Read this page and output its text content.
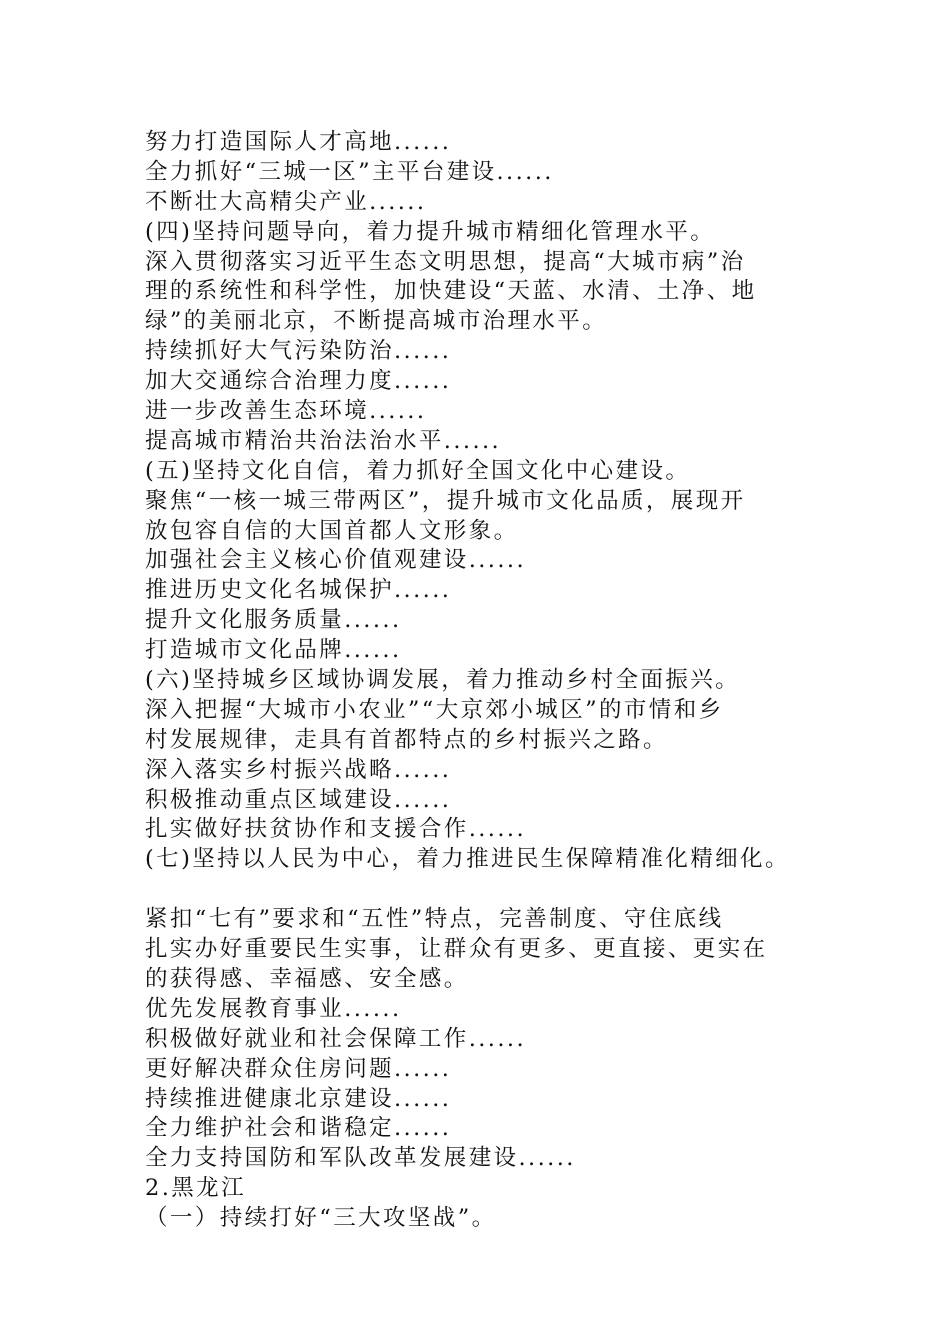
努力打造国际人才高地......
全力抓好“三城一区”主平台建设......
不断壮大高精尖产业......
(四)坚持问题导向，着力提升城市精细化管理水平。
深入贯彻落实习近平生态文明思想，提高“大城市病”治
理的系统性和科学性，加快建设“天蓝、水清、土净、地
绿”的美丽北京，不断提高城市治理水平。
持续抓好大气污染防治......
加大交通综合治理力度......
进一步改善生态环境......
提高城市精治共治法治水平......
(五)坚持文化自信，着力抓好全国文化中心建设。
聚焦“一核一城三带两区”，提升城市文化品质，展现开
放包容自信的大国首都人文形象。
加强社会主义核心价值观建设......
推进历史文化名城保护......
提升文化服务质量......
打造城市文化品牌......
(六)坚持城乡区域协调发展，着力推动乡村全面振兴。
深入把握“大城市小农业”“大京郊小城区”的市情和乡
村发展规律，走具有首都特点的乡村振兴之路。
深入落实乡村振兴战略......
积极推动重点区域建设......
扎实做好扶贫协作和支援合作......
(七)坚持以人民为中心，着力推进民生保障精准化精细化。
紧扣“七有”要求和“五性”特点，完善制度、守住底线
扎实办好重要民生实事，让群众有更多、更直接、更实在
的获得感、幸福感、安全感。
优先发展教育事业......
积极做好就业和社会保障工作......
更好解决群众住房问题......
持续推进健康北京建设......
全力维护社会和谐稳定......
全力支持国防和军队改革发展建设......
2.黑龙江
（一）持续打好“三大攻坚战”。
